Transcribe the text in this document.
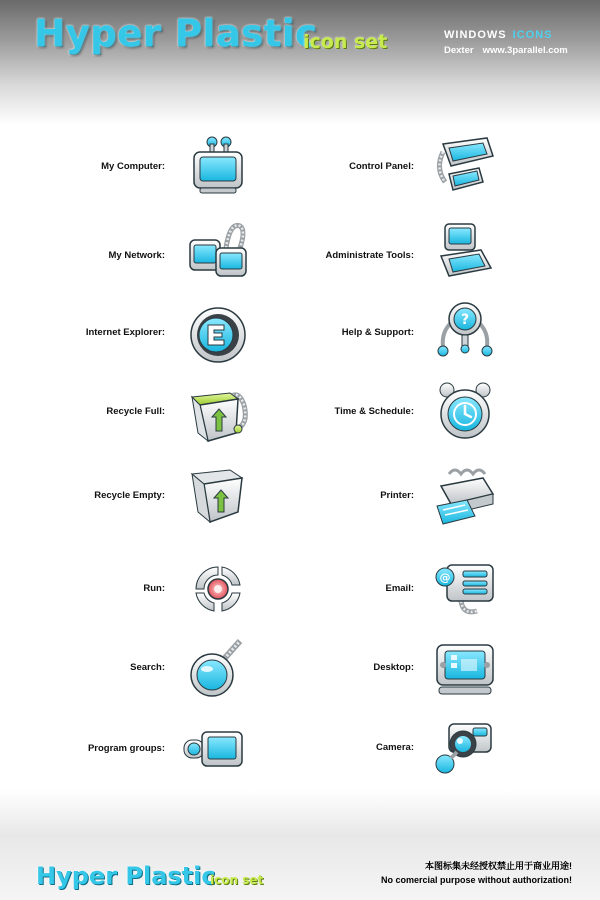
Hyper Plastic
icon set	WINDOWS ICONS
Dexter www.3parallel.com
My Computer:
My Network:
Internet Explorer:
Recycle Full:
Recycle Empty:
Run:
Search:
Program groups:
Control Panel:
Administrate Tools:
Help & Support:
?
Time & Schedule:
Printer:
Email:
@
Desktop:
Camera:
Hyper Plastic
icon set
本图标集未经授权禁止用于商业用途!
No comercial purpose without authorization!
